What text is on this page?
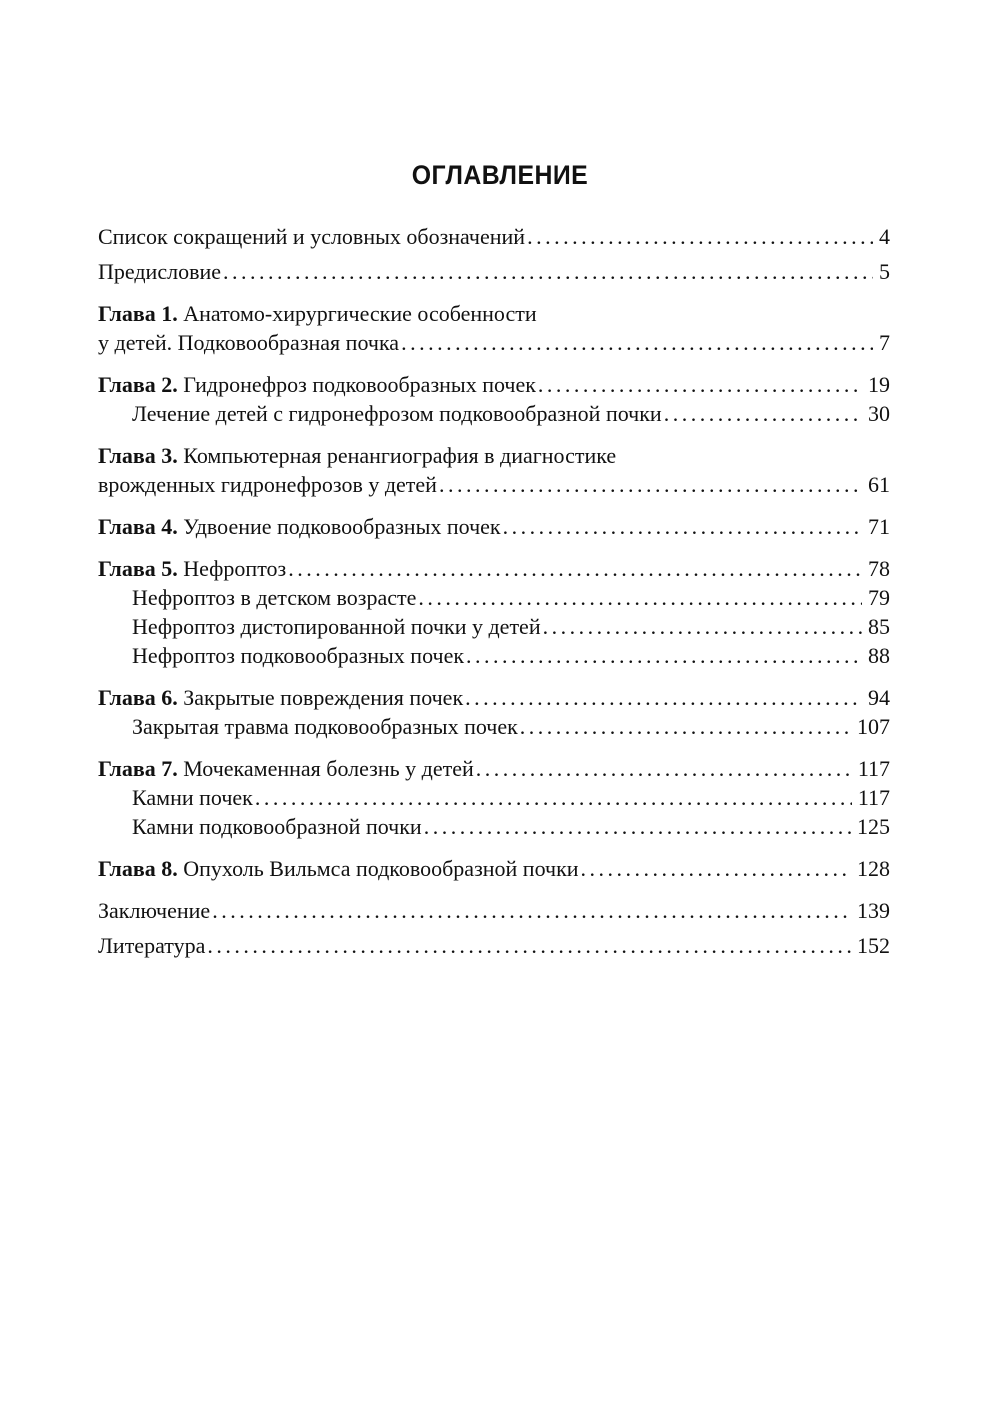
ОГЛАВЛЕНИЕ
Список сокращений и условных обозначений .....	4
Предисловие .....	5
Глава 1. Анатомо-хирургические особенности
у детей. Подковообразная почка .....	7
Глава 2. Гидронефроз подковообразных почек .....	19
Лечение детей с гидронефрозом подковообразной почки .....	30
Глава 3. Компьютерная ренангиография в диагностике
врожденных гидронефрозов у детей .....	61
Глава 4. Удвоение подковообразных почек .....	71
Глава 5. Нефроптоз .....	78
Нефроптоз в детском возрасте .....	79
Нефроптоз дистопированной почки у детей .....	85
Нефроптоз подковообразных почек .....	88
Глава 6. Закрытые повреждения почек .....	94
Закрытая травма подковообразных почек .....	107
Глава 7. Мочекаменная болезнь у детей .....	117
Камни почек .....	117
Камни подковообразной почки .....	125
Глава 8. Опухоль Вильмса подковообразной почки .....	128
Заключение .....	139
Литература .....	152
